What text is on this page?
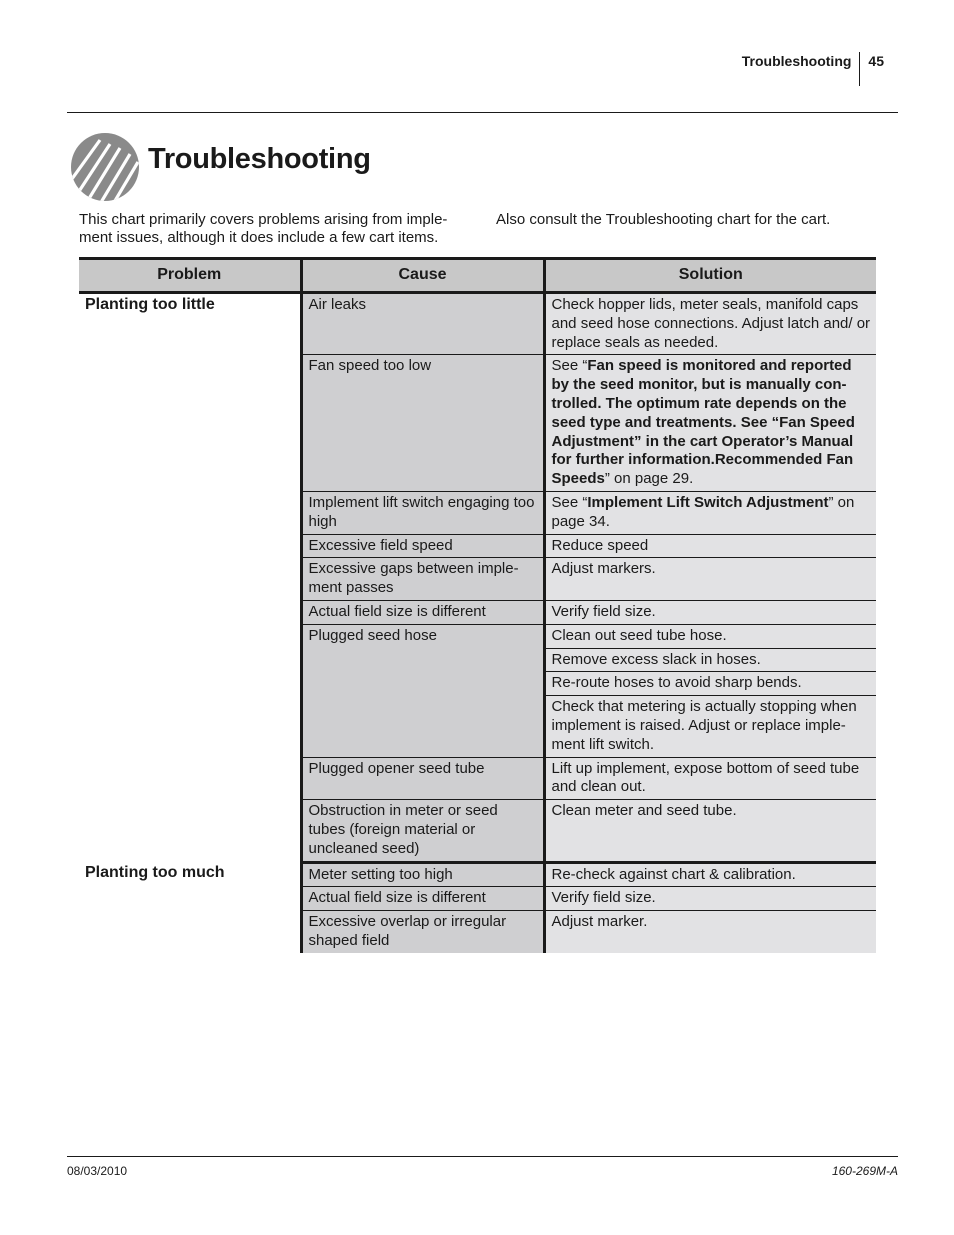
Troubleshooting	45
Troubleshooting

This chart primarily covers problems arising from imple-
ment issues, although it does include a few cart items.

Also consult the Troubleshooting chart for the cart.

Problem	Cause	Solution
Planting too little	Air leaks	Check hopper lids, meter seals, manifold caps and seed hose connections. Adjust latch and/ or replace seals as needed.
	Fan speed too low	See “Fan speed is monitored and reported by the seed monitor, but is manually con-trolled. The optimum rate depends on the seed type and treatments. See “Fan Speed Adjustment” in the cart Operator’s Manual for further information.Recommended Fan Speeds” on page 29.
	Implement lift switch engaging too high	See “Implement Lift Switch Adjustment” on page 34.
	Excessive field speed	Reduce speed
	Excessive gaps between imple-ment passes	Adjust markers.
	Actual field size is different	Verify field size.
	Plugged seed hose	Clean out seed tube hose.
		Remove excess slack in hoses.
		Re-route hoses to avoid sharp bends.
		Check that metering is actually stopping when implement is raised. Adjust or replace imple-ment lift switch.
	Plugged opener seed tube	Lift up implement, expose bottom of seed tube and clean out.
	Obstruction in meter or seed tubes (foreign material or uncleaned seed)	Clean meter and seed tube.
Planting too much	Meter setting too high	Re-check against chart & calibration.
	Actual field size is different	Verify field size.
	Excessive overlap or irregular shaped field	Adjust marker.
08/03/2010	160-269M-A
